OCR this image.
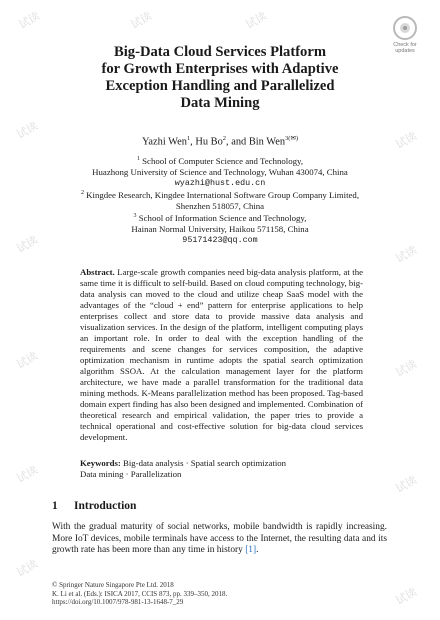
试读	试读	试读
试读	试读
试读	试读
试读	试读
试读	试读
试读
试读
Check for
updates
Big-Data Cloud Services Platform
for Growth Enterprises with Adaptive
Exception Handling and Parallelized
Data Mining
Yazhi Wen$^1$, Hu Bo$^2$, and Bin Wen$^{3(✉)}$
$^1$ School of Computer Science and Technology,
Huazhong University of Science and Technology, Wuhan 430074, China
wyazhi@hust.edu.cn
$^2$ Kingdee Research, Kingdee International Software Group Company Limited,
Shenzhen 518057, China
$^3$ School of Information Science and Technology,
Hainan Normal University, Haikou 571158, China
95171423@qq.com
Abstract. Large-scale growth companies need big-data analysis platform, at the same time it is difficult to self-build. Based on cloud computing technology, big-data analysis can moved to the cloud and utilize cheap SaaS model with the advantages of the “cloud + end” pattern for enterprise applications to help enterprises collect and store data to provide massive data analysis and visualization services. In the design of the platform, intelligent computing plays an important role. In order to deal with the exception handling of the requirements and scene changes for services composition, the adaptive optimization mechanism in runtime adopts the spatial search optimization algorithm SSOA. At the calculation management layer for the platform architecture, we have made a parallel transformation for the traditional data mining methods. K-Means parallelization method has been proposed. Tag-based domain expert finding has also been designed and implemented. Combination of theoretical research and empirical validation, the paper tries to provide a technical operational and cost-effective solution for big-data cloud services development.
Keywords: Big-data analysis · Spatial search optimization
Data mining · Parallelization
1 Introduction
With the gradual maturity of social networks, mobile bandwidth is rapidly increasing. More IoT devices, mobile terminals have access to the Internet, the resulting data and its growth rate has been more than any time in history [1].
© Springer Nature Singapore Pte Ltd. 2018
K. Li et al. (Eds.): ISICA 2017, CCIS 873, pp. 339–350, 2018.
https://doi.org/10.1007/978-981-13-1648-7_29
